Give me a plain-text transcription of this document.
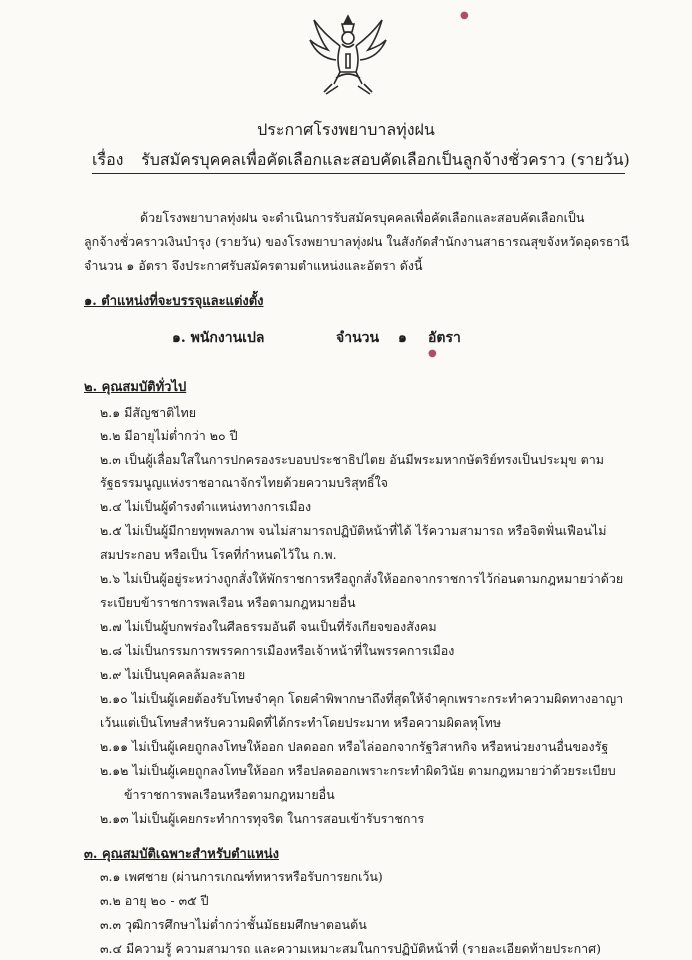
ประกาศโรงพยาบาลทุ่งฝน
เรื่อง รับสมัครบุคคลเพื่อคัดเลือกและสอบคัดเลือกเป็นลูกจ้างชั่วคราว (รายวัน)
ด้วยโรงพยาบาลทุ่งฝน จะดำเนินการรับสมัครบุคคลเพื่อคัดเลือกและสอบคัดเลือกเป็น
ลูกจ้างชั่วคราวเงินบำรุง (รายวัน) ของโรงพยาบาลทุ่งฝน ในสังกัดสำนักงานสาธารณสุขจังหวัดอุดรธานี
จำนวน ๑ อัตรา จึงประกาศรับสมัครตามตำแหน่งและอัตรา ดังนี้
๑. ตำแหน่งที่จะบรรจุและแต่งตั้ง
๑. พนักงานเปล	จำนวน ๑ อัตรา
๒. คุณสมบัติทั่วไป
๒.๑ มีสัญชาติไทย
๒.๒ มีอายุไม่ต่ำกว่า ๒๐ ปี
๒.๓ เป็นผู้เลื่อมใสในการปกครองระบอบประชาธิปไตย อันมีพระมหากษัตริย์ทรงเป็นประมุข ตาม
รัฐธรรมนูญแห่งราชอาณาจักรไทยด้วยความบริสุทธิ์ใจ
๒.๔ ไม่เป็นผู้ดำรงตำแหน่งทางการเมือง
๒.๕ ไม่เป็นผู้มีกายทุพพลภาพ จนไม่สามารถปฏิบัติหน้าที่ได้ ไร้ความสามารถ หรือจิตฟั่นเฟือนไม่
สมประกอบ หรือเป็น โรคที่กำหนดไว้ใน ก.พ.
๒.๖ ไม่เป็นผู้อยู่ระหว่างถูกสั่งให้พักราชการหรือถูกสั่งให้ออกจากราชการไว้ก่อนตามกฎหมายว่าด้วย
ระเบียบข้าราชการพลเรือน หรือตามกฎหมายอื่น
๒.๗ ไม่เป็นผู้บกพร่องในศีลธรรมอันดี จนเป็นที่รังเกียจของสังคม
๒.๘ ไม่เป็นกรรมการพรรคการเมืองหรือเจ้าหน้าที่ในพรรคการเมือง
๒.๙ ไม่เป็นบุคคลล้มละลาย
๒.๑๐ ไม่เป็นผู้เคยต้องรับโทษจำคุก โดยคำพิพากษาถึงที่สุดให้จำคุกเพราะกระทำความผิดทางอาญา
เว้นแต่เป็นโทษสำหรับความผิดที่ได้กระทำโดยประมาท หรือความผิดลหุโทษ
๒.๑๑ ไม่เป็นผู้เคยถูกลงโทษให้ออก ปลดออก หรือไล่ออกจากรัฐวิสาหกิจ หรือหน่วยงานอื่นของรัฐ
๒.๑๒ ไม่เป็นผู้เคยถูกลงโทษให้ออก หรือปลดออกเพราะกระทำผิดวินัย ตามกฎหมายว่าด้วยระเบียบ
ข้าราชการพลเรือนหรือตามกฎหมายอื่น
๒.๑๓ ไม่เป็นผู้เคยกระทำการทุจริต ในการสอบเข้ารับราชการ
๓. คุณสมบัติเฉพาะสำหรับตำแหน่ง
๓.๑ เพศชาย (ผ่านการเกณฑ์ทหารหรือรับการยกเว้น)
๓.๒ อายุ ๒๐ - ๓๕ ปี
๓.๓ วุฒิการศึกษาไม่ต่ำกว่าชั้นมัธยมศึกษาตอนต้น
๓.๔ มีความรู้ ความสามารถ และความเหมาะสมในการปฏิบัติหน้าที่ (รายละเอียดท้ายประกาศ)
●
●
